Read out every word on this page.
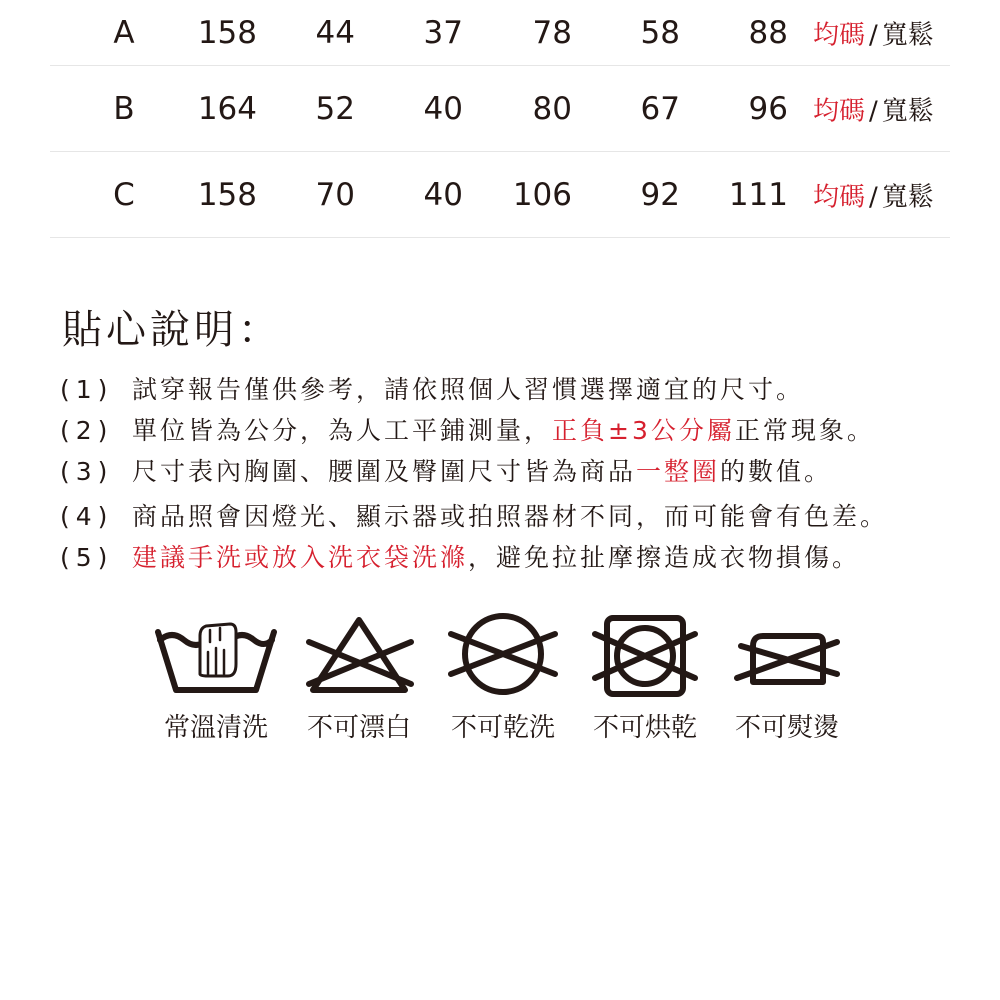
A 158 44 37 78 58 88 均碼 / 寬鬆
B 164 52 40 80 67 96 均碼 / 寬鬆
C 158 70 40 106 92 111 均碼 / 寬鬆
貼心說明：
(1) 試穿報告僅供參考，請依照個人習慣選擇適宜的尺寸。
(2) 單位皆為公分，為人工平鋪測量，正負±3公分屬正常現象。
(3) 尺寸表內胸圍、腰圍及臀圍尺寸皆為商品一整圈的數值。
(4) 商品照會因燈光、顯示器或拍照器材不同，而可能會有色差。
(5) 建議手洗或放入洗衣袋洗滌，避免拉扯摩擦造成衣物損傷。
常溫清洗	不可漂白	不可乾洗	不可烘乾	不可熨燙
